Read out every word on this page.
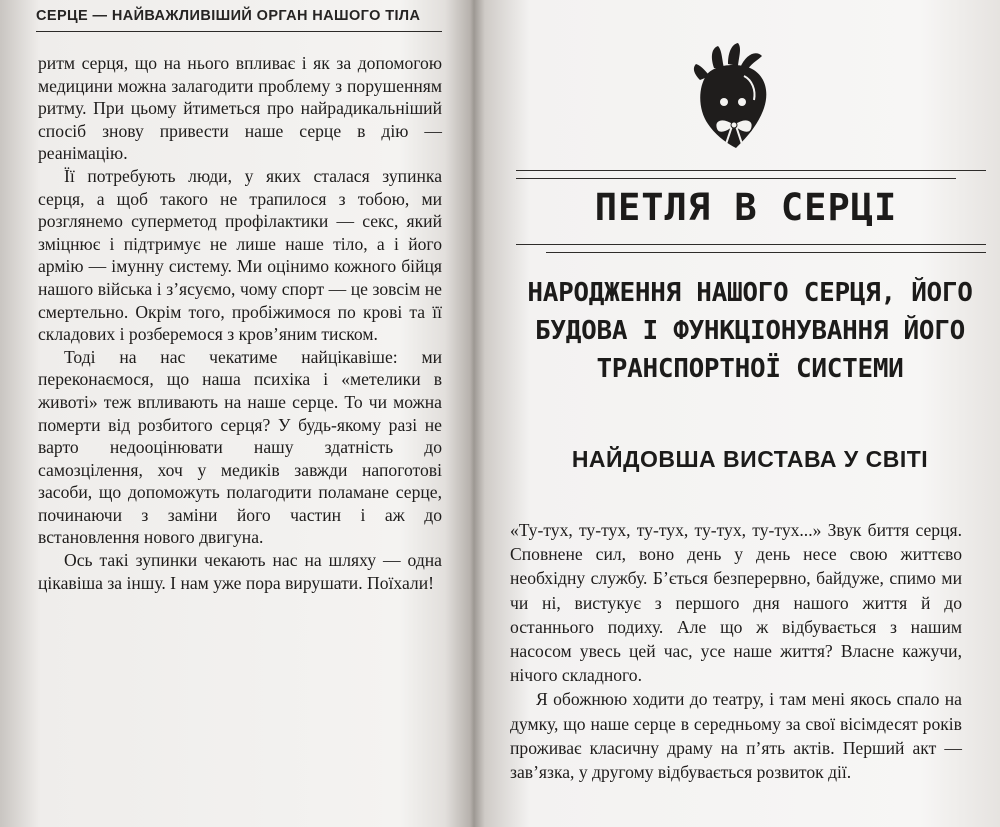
СЕРЦЕ — НАЙВАЖЛИВІШИЙ ОРГАН НАШОГО ТІЛА

ритм серця, що на нього впливає і як за допомогою медицини можна залагодити проблему з порушенням ритму. При цьому йтиметься про найрадикальніший спосіб знову привести наше серце в дію — реанімацію.

Її потребують люди, у яких сталася зупинка серця, а щоб такого не трапилося з тобою, ми розглянемо суперметод профілактики — секс, який зміцнює і підтримує не лише наше тіло, а і його армію — імунну систему. Ми оцінимо кожного бійця нашого війська і з’ясуємо, чому спорт — це зовсім не смертельно. Окрім того, пробіжимося по крові та її складових і розберемося з кров’яним тиском.

Тоді на нас чекатиме найцікавіше: ми переконаємося, що наша психіка і «метелики в животі» теж впливають на наше серце. То чи можна померти від розбитого серця? У будь-якому разі не варто недооцінювати нашу здатність до самозцілення, хоч у медиків завжди напоготові засоби, що допоможуть полагодити поламане серце, починаючи з заміни його частин і аж до встановлення нового двигуна.

Ось такі зупинки чекають нас на шляху — одна цікавіша за іншу. І нам уже пора вирушати. Поїхали!

ПЕТЛЯ В СЕРЦІ
НАРОДЖЕННЯ НАШОГО СЕРЦЯ, ЙОГО БУДОВА І ФУНКЦІОНУВАННЯ ЙОГО ТРАНСПОРТНОЇ СИСТЕМИ
НАЙДОВША ВИСТАВА У СВІТІ

«Ту-тух, ту-тух, ту-тух, ту-тух, ту-тух...» Звук биття серця. Сповнене сил, воно день у день несе свою життєво необхідну службу. Б’ється безперервно, байдуже, спимо ми чи ні, вистукує з першого дня нашого життя й до останнього подиху. Але що ж відбувається з нашим насосом увесь цей час, усе наше життя? Власне кажучи, нічого складного.

Я обожнюю ходити до театру, і там мені якось спало на думку, що наше серце в середньому за свої вісімдесят років проживає класичну драму на п’ять актів. Перший акт — зав’язка, у другому відбувається розвиток дії.
